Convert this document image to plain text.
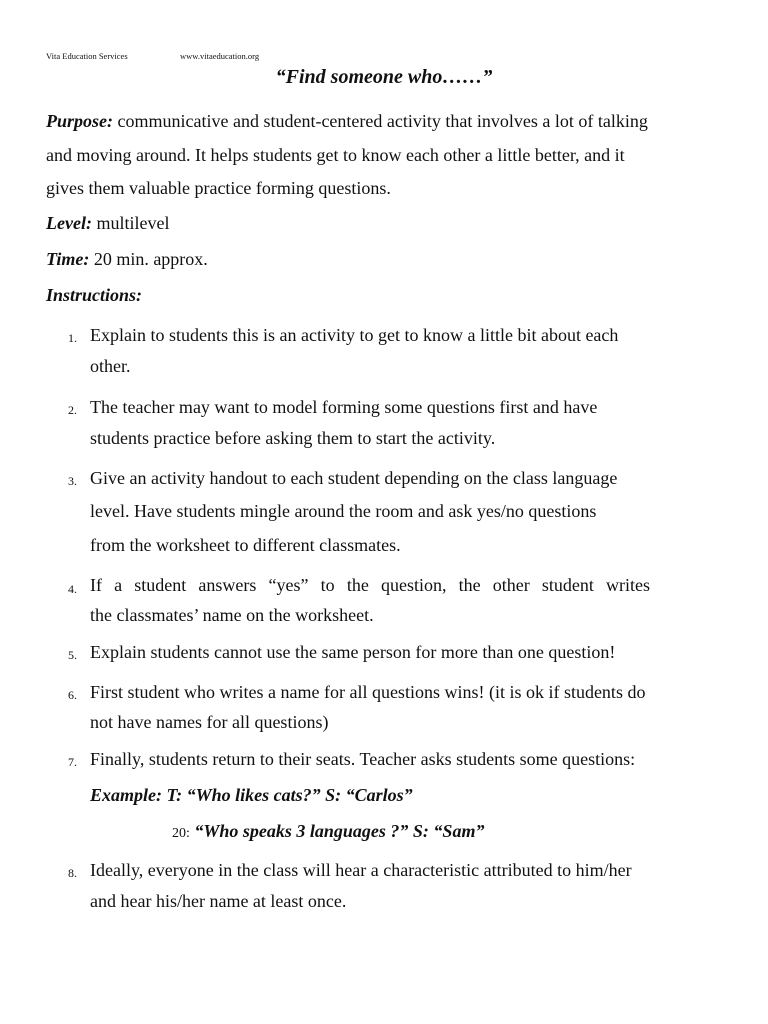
Vita Education Services	www.vitaeducation.org
“Find someone who……”
Purpose: communicative and student-centered activity that involves a lot of talking
and moving around. It helps students get to know each other a little better, and it
gives them valuable practice forming questions.
Level: multilevel
Time: 20 min. approx.
Instructions:
1. Explain to students this is an activity to get to know a little bit about each
other.
2. The teacher may want to model forming some questions first and have
students practice before asking them to start the activity.
3. Give an activity handout to each student depending on the class language
level. Have students mingle around the room and ask yes/no questions
from the worksheet to different classmates.
4. If a student answers “yes” to the question, the other student writes
the classmates’ name on the worksheet.
5. Explain students cannot use the same person for more than one question!
6. First student who writes a name for all questions wins! (it is ok if students do
not have names for all questions)
7. Finally, students return to their seats. Teacher asks students some questions:
Example: T: “Who likes cats?” S: “Carlos”
20: “Who speaks 3 languages ?” S: “Sam”
8. Ideally, everyone in the class will hear a characteristic attributed to him/her
and hear his/her name at least once.
